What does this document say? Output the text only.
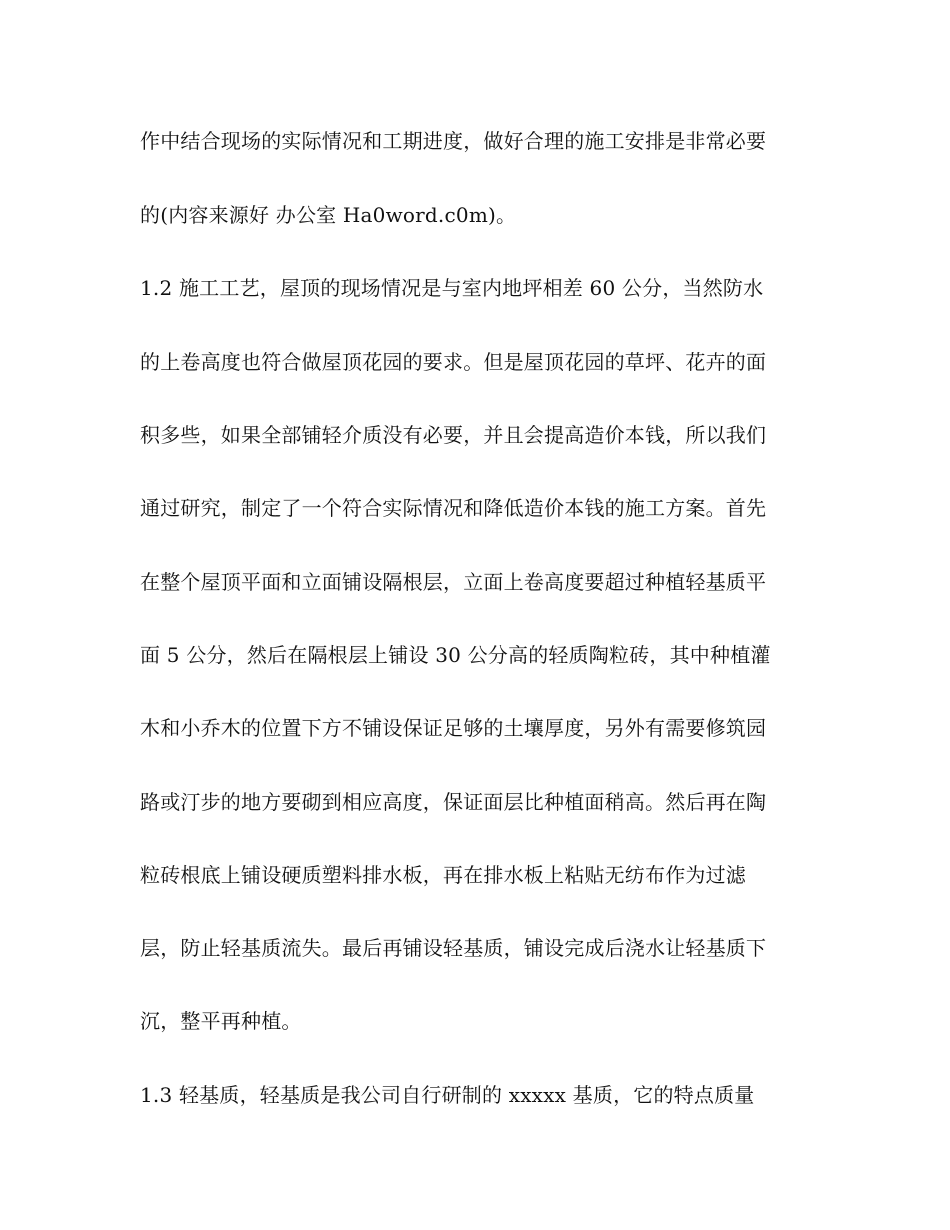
作中结合现场的实际情况和工期进度，做好合理的施工安排是非常必要

的(内容来源好 办公室 Ha0word.c0m)。

1.2 施工工艺，屋顶的现场情况是与室内地坪相差 60 公分，当然防水

的上卷高度也符合做屋顶花园的要求。但是屋顶花园的草坪、花卉的面

积多些，如果全部铺轻介质没有必要，并且会提高造价本钱，所以我们

通过研究，制定了一个符合实际情况和降低造价本钱的施工方案。首先

在整个屋顶平面和立面铺设隔根层，立面上卷高度要超过种植轻基质平

面 5 公分，然后在隔根层上铺设 30 公分高的轻质陶粒砖，其中种植灌

木和小乔木的位置下方不铺设保证足够的土壤厚度，另外有需要修筑园

路或汀步的地方要砌到相应高度，保证面层比种植面稍高。然后再在陶

粒砖根底上铺设硬质塑料排水板，再在排水板上粘贴无纺布作为过滤

层，防止轻基质流失。最后再铺设轻基质，铺设完成后浇水让轻基质下

沉，整平再种植。

1.3 轻基质，轻基质是我公司自行研制的 xxxxx 基质，它的特点质量
